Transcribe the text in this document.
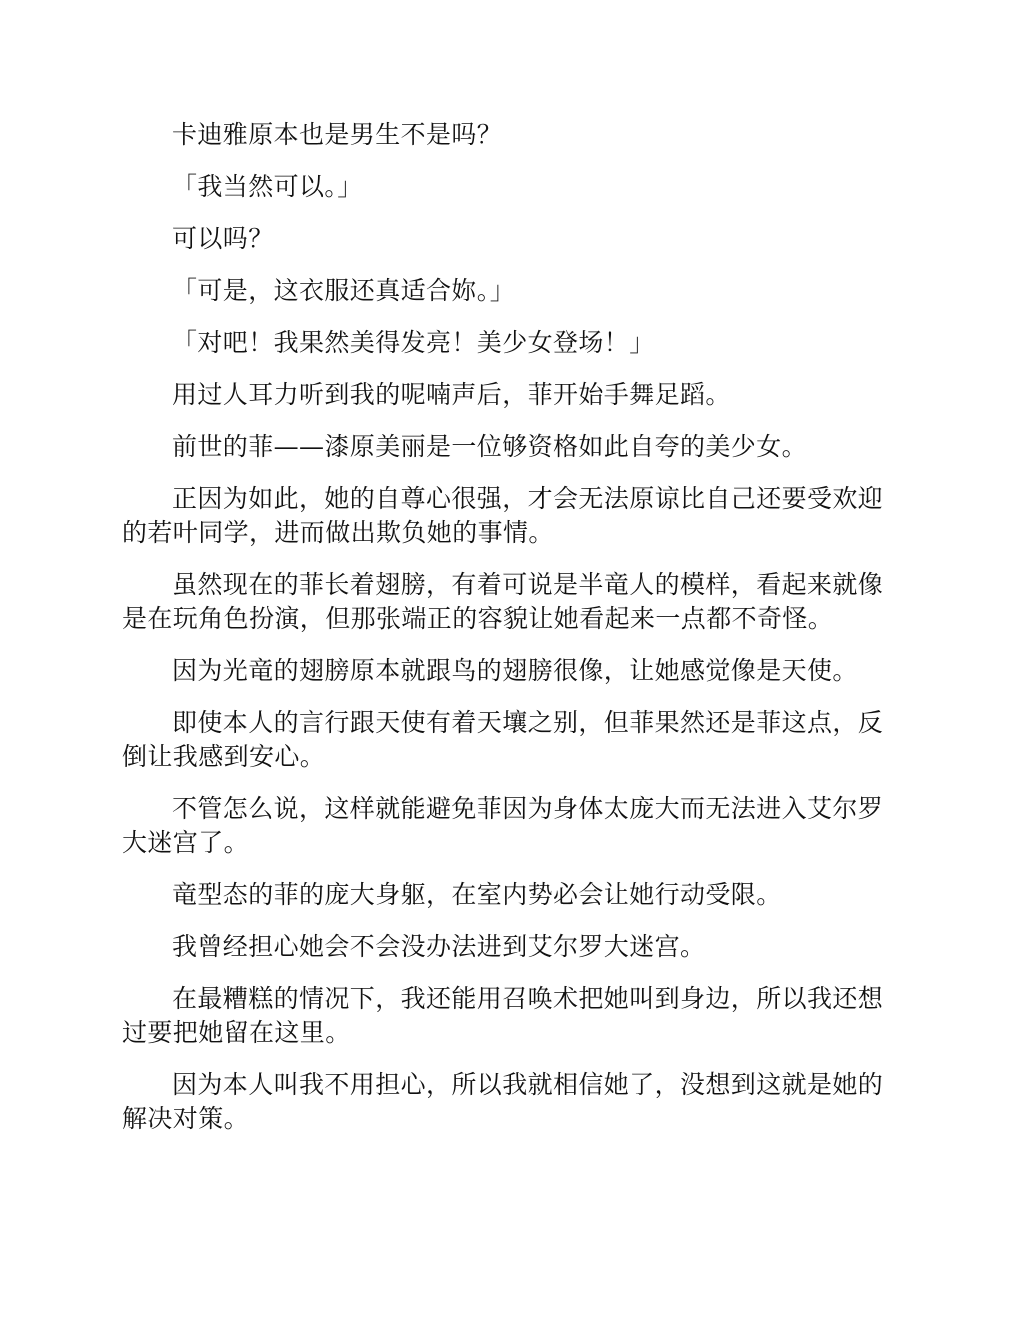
卡迪雅原本也是男生不是吗？

「我当然可以。」

可以吗？

「可是，这衣服还真适合妳。」

「对吧！我果然美得发亮！美少女登场！」

用过人耳力听到我的呢喃声后，菲开始手舞足蹈。

前世的菲——漆原美丽是一位够资格如此自夸的美少女。

正因为如此，她的自尊心很强，才会无法原谅比自己还要受欢迎的若叶同学，进而做出欺负她的事情。

虽然现在的菲长着翅膀，有着可说是半竜人的模样，看起来就像是在玩角色扮演，但那张端正的容貌让她看起来一点都不奇怪。

因为光竜的翅膀原本就跟鸟的翅膀很像，让她感觉像是天使。

即使本人的言行跟天使有着天壤之别，但菲果然还是菲这点，反倒让我感到安心。

不管怎么说，这样就能避免菲因为身体太庞大而无法进入艾尔罗大迷宫了。

竜型态的菲的庞大身躯，在室内势必会让她行动受限。

我曾经担心她会不会没办法进到艾尔罗大迷宫。

在最糟糕的情况下，我还能用召唤术把她叫到身边，所以我还想过要把她留在这里。

因为本人叫我不用担心，所以我就相信她了，没想到这就是她的解决对策。
